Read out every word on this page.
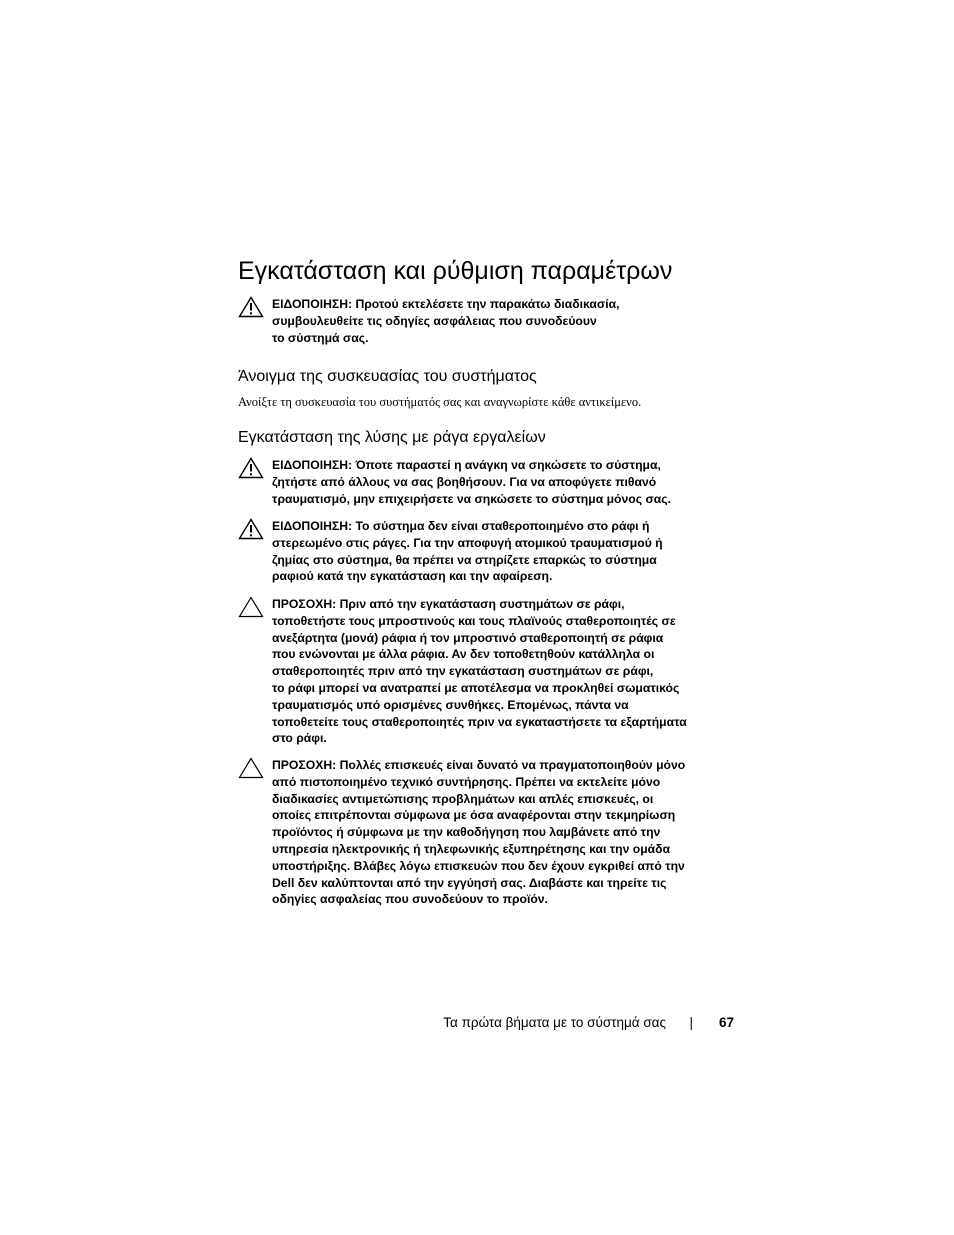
Εγκατάσταση και ρύθμιση παραμέτρων

ΕΙΔΟΠΟΙΗΣΗ: Προτού εκτελέσετε την παρακάτω διαδικασία,
συμβουλευθείτε τις οδηγίες ασφάλειας που συνοδεύουν
το σύστημά σας.

Άνοιγμα της συσκευασίας του συστήματος

Ανοίξτε τη συσκευασία του συστήματός σας και αναγνωρίστε κάθε αντικείμενο.

Εγκατάσταση της λύσης με ράγα εργαλείων

ΕΙΔΟΠΟΙΗΣΗ: Όποτε παραστεί η ανάγκη να σηκώσετε το σύστημα,
ζητήστε από άλλους να σας βοηθήσουν. Για να αποφύγετε πιθανό
τραυματισμό, μην επιχειρήσετε να σηκώσετε το σύστημα μόνος σας.

ΕΙΔΟΠΟΙΗΣΗ: Το σύστημα δεν είναι σταθεροποιημένο στο ράφι ή
στερεωμένο στις ράγες. Για την αποφυγή ατομικού τραυματισμού ή
ζημίας στο σύστημα, θα πρέπει να στηρίζετε επαρκώς το σύστημα
ραφιού κατά την εγκατάσταση και την αφαίρεση.

ΠΡΟΣΟΧΗ: Πριν από την εγκατάσταση συστημάτων σε ράφι,
τοποθετήστε τους μπροστινούς και τους πλαϊνούς σταθεροποιητές σε
ανεξάρτητα (μονά) ράφια ή τον μπροστινό σταθεροποιητή σε ράφια
που ενώνονται με άλλα ράφια. Αν δεν τοποθετηθούν κατάλληλα οι
σταθεροποιητές πριν από την εγκατάσταση συστημάτων σε ράφι,
το ράφι μπορεί να ανατραπεί με αποτέλεσμα να προκληθεί σωματικός
τραυματισμός υπό ορισμένες συνθήκες. Επομένως, πάντα να
τοποθετείτε τους σταθεροποιητές πριν να εγκαταστήσετε τα εξαρτήματα
στο ράφι.

ΠΡΟΣΟΧΗ: Πολλές επισκευές είναι δυνατό να πραγματοποιηθούν μόνο
από πιστοποιημένο τεχνικό συντήρησης. Πρέπει να εκτελείτε μόνο
διαδικασίες αντιμετώπισης προβλημάτων και απλές επισκευές, οι
οποίες επιτρέπονται σύμφωνα με όσα αναφέρονται στην τεκμηρίωση
προϊόντος ή σύμφωνα με την καθοδήγηση που λαμβάνετε από την
υπηρεσία ηλεκτρονικής ή τηλεφωνικής εξυπηρέτησης και την ομάδα
υποστήριξης. Βλάβες λόγω επισκευών που δεν έχουν εγκριθεί από την
Dell δεν καλύπτονται από την εγγύησή σας. Διαβάστε και τηρείτε τις
οδηγίες ασφαλείας που συνοδεύουν το προϊόν.

Τα πρώτα βήματα με το σύστημά σας | 67
